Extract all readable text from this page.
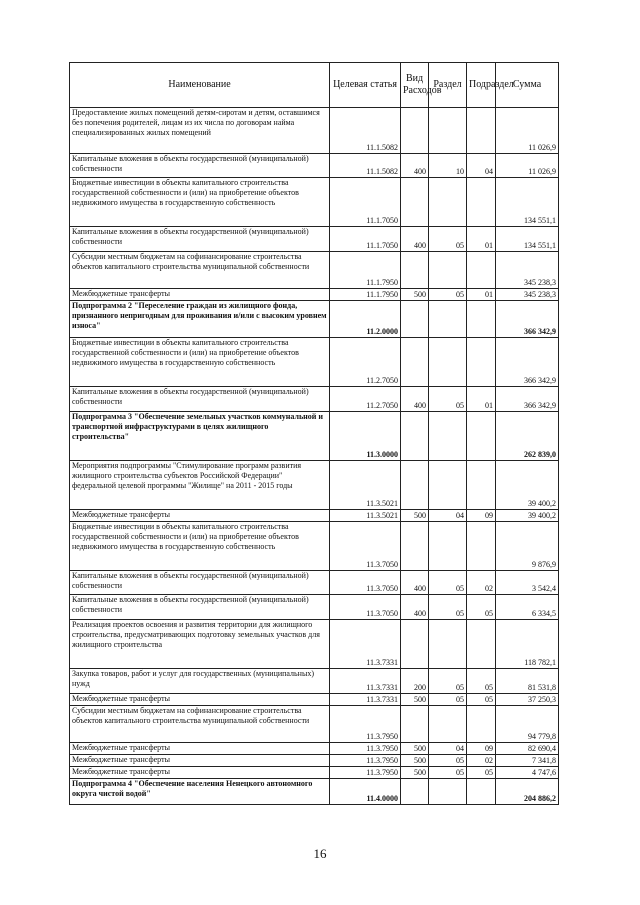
Наименование	Целевая статья	Вид Расходов	Раздел	Подраздел	Сумма
Предоставление жилых помещений детям-сиротам и детям, оставшимся без попечения родителей, лицам из их числа по договорам найма специализированных жилых помещений	11.1.5082				11 026,9
Капитальные вложения в объекты государственной (муниципальной) собственности	11.1.5082	400	10	04	11 026,9
Бюджетные инвестиции в объекты капитального строительства государственной собственности и (или) на приобретение объектов недвижимого имущества в государственную собственность	11.1.7050				134 551,1
Капитальные вложения в объекты государственной (муниципальной) собственности	11.1.7050	400	05	01	134 551,1
Субсидии местным бюджетам на софинансирование строительства объектов капитального строительства муниципальной собственности	11.1.7950				345 238,3
Межбюджетные трансферты	11.1.7950	500	05	01	345 238,3
Подпрограмма 2 "Переселение граждан из жилищного фонда, признанного непригодным для проживания и/или с высоким уровнем износа"	11.2.0000				366 342,9
Бюджетные инвестиции в объекты капитального строительства государственной собственности и (или) на приобретение объектов недвижимого имущества в государственную собственность	11.2.7050				366 342,9
Капитальные вложения в объекты государственной (муниципальной) собственности	11.2.7050	400	05	01	366 342,9
Подпрограмма 3 "Обеспечение земельных участков коммунальной и транспортной инфраструктурами в целях жилищного строительства"	11.3.0000				262 839,0
Мероприятия подпрограммы "Стимулирование программ развития жилищного строительства субъектов Российской Федерации" федеральной целевой программы "Жилище" на 2011 - 2015 годы	11.3.5021				39 400,2
Межбюджетные трансферты	11.3.5021	500	04	09	39 400,2
Бюджетные инвестиции в объекты капитального строительства государственной собственности и (или) на приобретение объектов недвижимого имущества в государственную собственность	11.3.7050				9 876,9
Капитальные вложения в объекты государственной (муниципальной) собственности	11.3.7050	400	05	02	3 542,4
Капитальные вложения в объекты государственной (муниципальной) собственности	11.3.7050	400	05	05	6 334,5
Реализация проектов освоения и развития территории для жилищного строительства, предусматривающих подготовку земельных участков для жилищного строительства	11.3.7331				118 782,1
Закупка товаров, работ и услуг для государственных (муниципальных) нужд	11.3.7331	200	05	05	81 531,8
Межбюджетные трансферты	11.3.7331	500	05	05	37 250,3
Субсидии местным бюджетам на софинансирование строительства объектов капитального строительства муниципальной собственности	11.3.7950				94 779,8
Межбюджетные трансферты	11.3.7950	500	04	09	82 690,4
Межбюджетные трансферты	11.3.7950	500	05	02	7 341,8
Межбюджетные трансферты	11.3.7950	500	05	05	4 747,6
Подпрограмма 4 "Обеспечение населения Ненецкого автономного округа чистой водой"	11.4.0000				204 886,2
16
